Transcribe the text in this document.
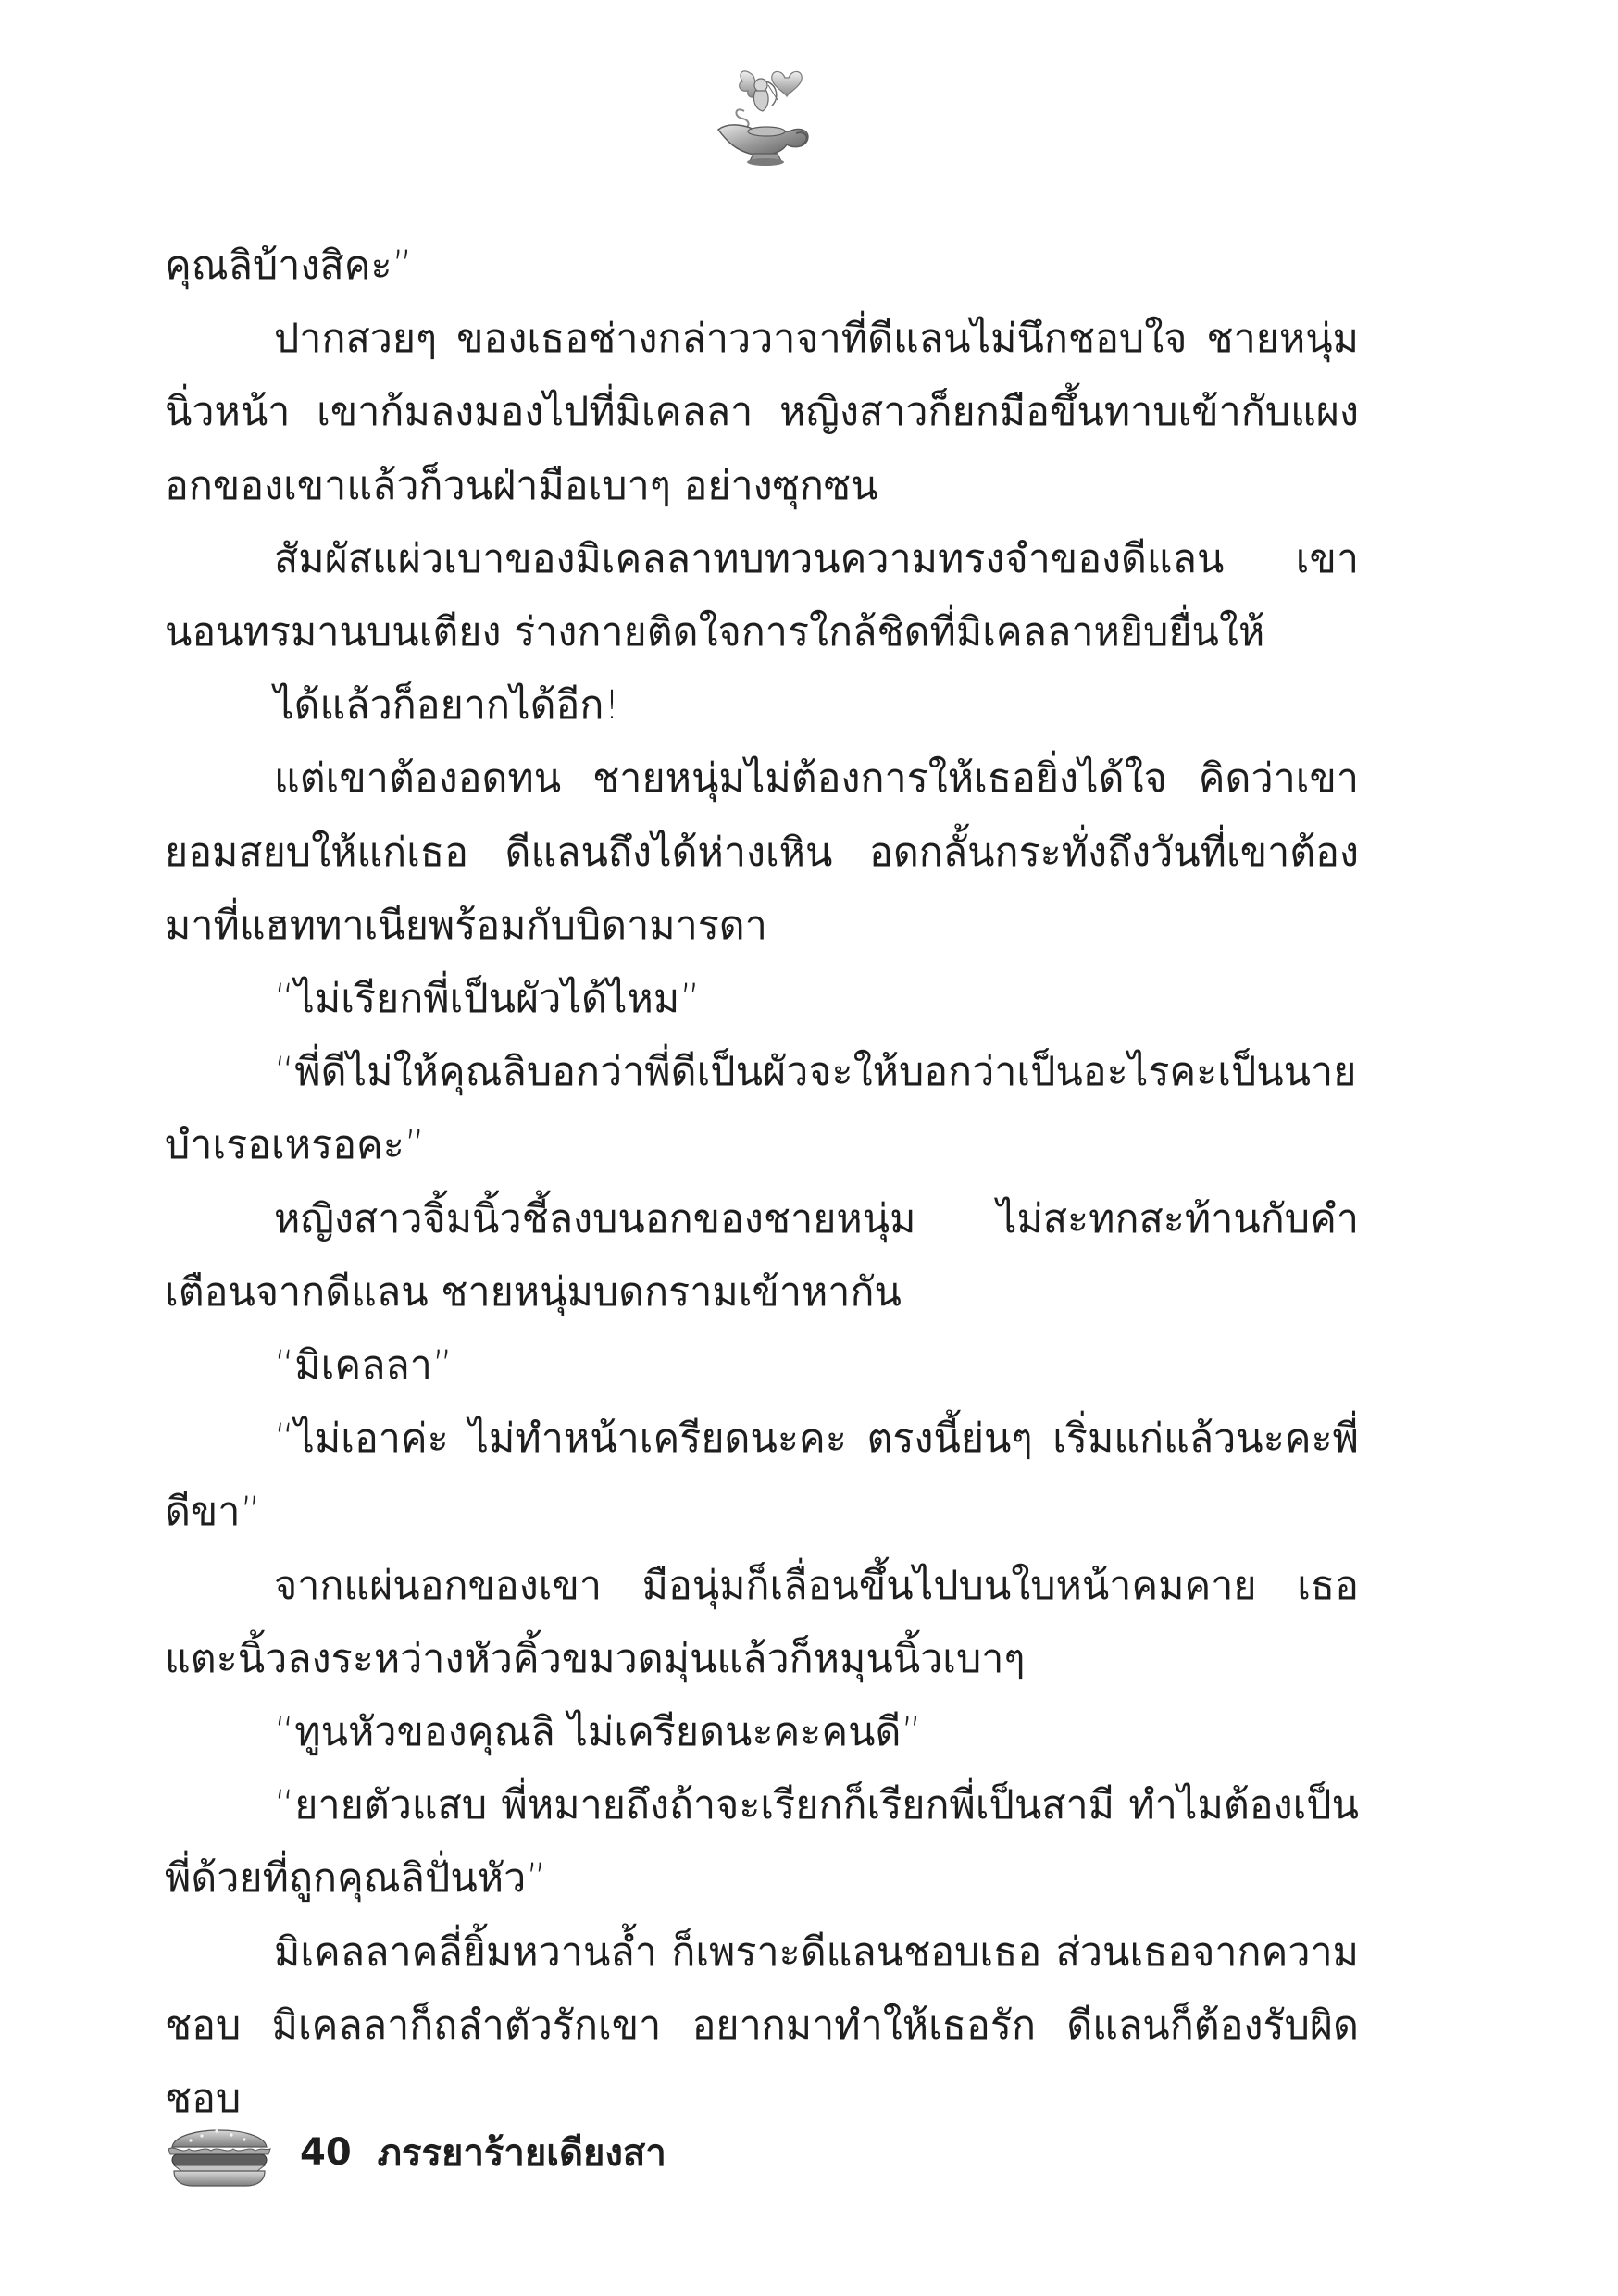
คุณลิบ้างสิคะ”

ปากสวยๆ ของเธอช่างกล่าววาจาที่ดีแลนไม่นึกชอบใจ ชายหนุ่มนิ่วหน้า เขาก้มลงมองไปที่มิเคลลา หญิงสาวก็ยกมือขึ้นทาบเข้ากับแผงอกของเขาแล้วก็วนฝ่ามือเบาๆ อย่างซุกซน

สัมผัสแผ่วเบาของมิเคลลาทบทวนความทรงจำของดีแลน เขานอนทรมานบนเตียง ร่างกายติดใจการใกล้ชิดที่มิเคลลาหยิบยื่นให้

ได้แล้วก็อยากได้อีก!

แต่เขาต้องอดทน ชายหนุ่มไม่ต้องการให้เธอยิ่งได้ใจ คิดว่าเขายอมสยบให้แก่เธอ ดีแลนถึงได้ห่างเหิน อดกลั้นกระทั่งถึงวันที่เขาต้องมาที่แฮททาเนียพร้อมกับบิดามารดา

“ไม่เรียกพี่เป็นผัวได้ไหม”

“พี่ดีไม่ให้คุณลิบอกว่าพี่ดีเป็นผัวจะให้บอกว่าเป็นอะไรคะเป็นนายบำเรอเหรอคะ”

หญิงสาวจิ้มนิ้วชี้ลงบนอกของชายหนุ่ม ไม่สะทกสะท้านกับคำเตือนจากดีแลน ชายหนุ่มบดกรามเข้าหากัน

“มิเคลลา”

“ไม่เอาค่ะ ไม่ทำหน้าเครียดนะคะ ตรงนี้ย่นๆ เริ่มแก่แล้วนะคะพี่ดีขา”

จากแผ่นอกของเขา มือนุ่มก็เลื่อนขึ้นไปบนใบหน้าคมคาย เธอแตะนิ้วลงระหว่างหัวคิ้วขมวดมุ่นแล้วก็หมุนนิ้วเบาๆ

“ทูนหัวของคุณลิ ไม่เครียดนะคะคนดี”

“ยายตัวแสบ พี่หมายถึงถ้าจะเรียกก็เรียกพี่เป็นสามี ทำไมต้องเป็นพี่ด้วยที่ถูกคุณลิปั่นหัว”

มิเคลลาคลี่ยิ้มหวานล้ำ ก็เพราะดีแลนชอบเธอ ส่วนเธอจากความชอบ มิเคลลาก็ถลำตัวรักเขา อยากมาทำให้เธอรัก ดีแลนก็ต้องรับผิดชอบ

40 ภรรยาร้ายเดียงสา
